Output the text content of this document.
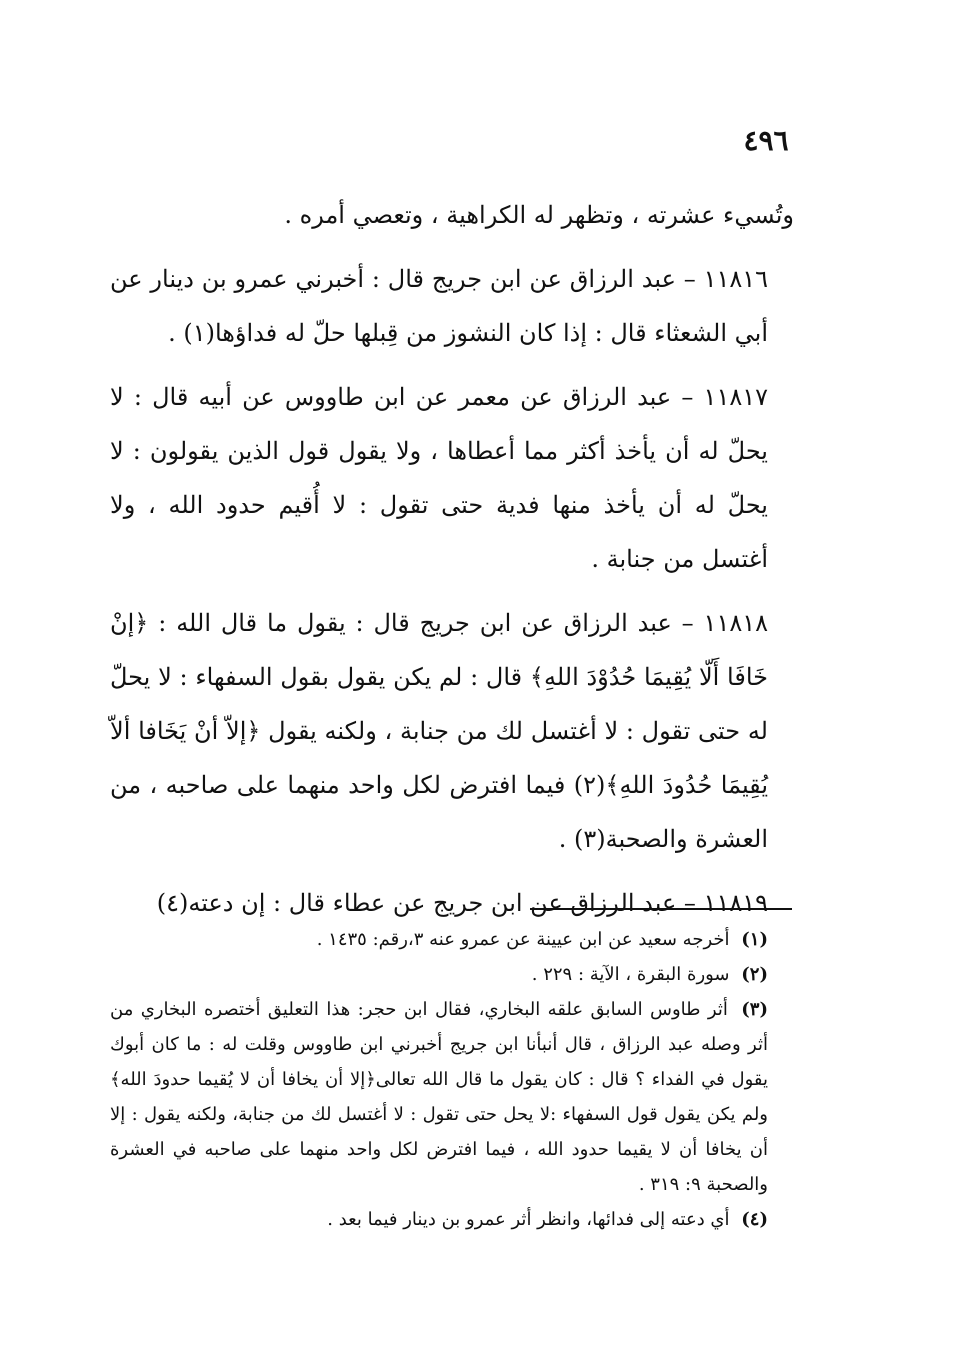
٤٩٦

وتُسيء عشرته ، وتظهر له الكراهية ، وتعصي أمره .

١١٨١٦ – عبد الرزاق عن ابن جريج قال : أخبرني عمرو بن دينار عن أبي الشعثاء قال : إذا كان النشوز من قِبلها حلّ له فداؤها(١) .

١١٨١٧ – عبد الرزاق عن معمر عن ابن طاووس عن أبيه قال : لا يحلّ له أن يأخذ أكثر مما أعطاها ، ولا يقول قول الذين يقولون : لا يحلّ له أن يأخذ منها فدية حتى تقول : لا أُقيم حدود الله ، ولا أغتسل من جنابة .

١١٨١٨ – عبد الرزاق عن ابن جريج قال : يقول ما قال الله : ﴿إنْ خَافَا أَلّا يُقِيمَا حُدُوْدَ اللهِ﴾ قال : لم يكن يقول بقول السفهاء : لا يحلّ له حتى تقول : لا أغتسل لك من جنابة ، ولكنه يقول ﴿إلاّ أنْ يَخَافا ألاّ يُقِيمَا حُدُودَ اللهِ﴾(٢) فيما افترض لكل واحد منهما على صاحبه ، من العشرة والصحبة(٣) .

١١٨١٩ – عبد الرزاق عن ابن جريج عن عطاء قال : إن دعته(٤)

(١) أخرجه سعيد عن ابن عيينة عن عمرو عنه ٣،رقم: ١٤٣٥ .

(٢) سورة البقرة ، الآية : ٢٢٩ .

(٣) أثر طاوس السابق علقه البخاري، فقال ابن حجر: هذا التعليق أختصره البخاري من أثر وصله عبد الرزاق ، قال أنبأنا ابن جريج أخبرني ابن طاووس وقلت له : ما كان أبوك يقول في الفداء ؟ قال : كان يقول ما قال الله تعالى﴿إلا أن يخافا أن لا يُقيما حدودَ الله﴾ ولم يكن يقول قول السفهاء :لا يحل حتى تقول : لا أغتسل لك من جنابة، ولكنه يقول : إلا أن يخافا أن لا يقيما حدود الله ، فيما افترض لكل واحد منهما على صاحبه في العشرة والصحبة ٩: ٣١٩ .

(٤) أي دعته إلى فدائها، وانظر أثر عمرو بن دينار فيما بعد .
